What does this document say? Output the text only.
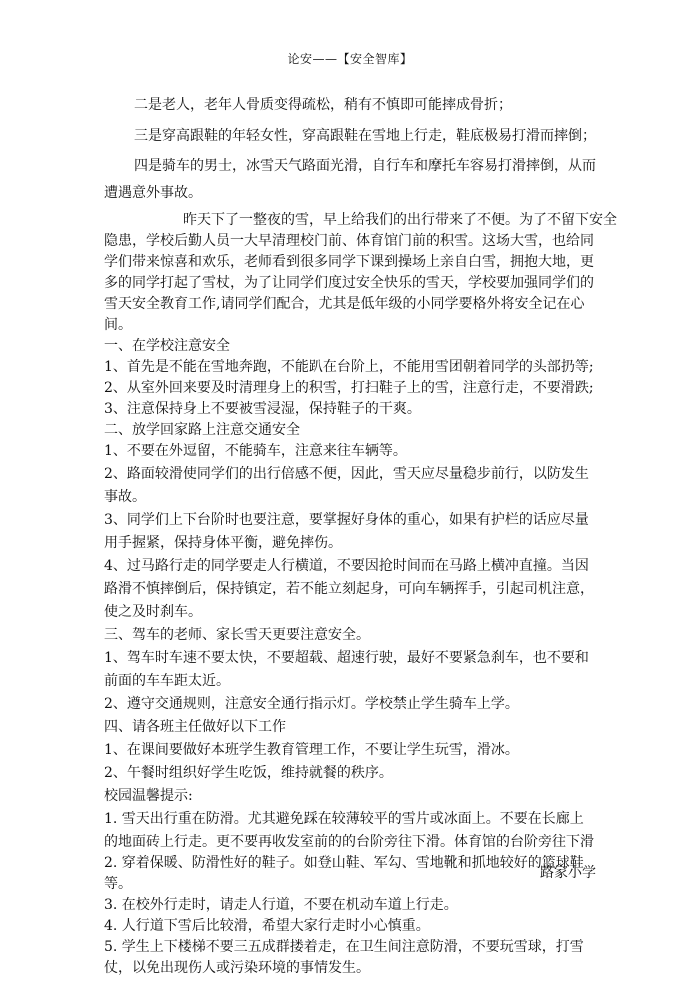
论安——【安全智库】
二是老人，老年人骨质变得疏松，稍有不慎即可能摔成骨折；
三是穿高跟鞋的年轻女性，穿高跟鞋在雪地上行走，鞋底极易打滑而摔倒；
四是骑车的男士，冰雪天气路面光滑，自行车和摩托车容易打滑摔倒，从而
遭遇意外事故。
昨天下了一整夜的雪，早上给我们的出行带来了不便。为了不留下安全
隐患，学校后勤人员一大早清理校门前、体育馆门前的积雪。这场大雪，也给同
学们带来惊喜和欢乐，老师看到很多同学下课到操场上亲自白雪，拥抱大地，更
多的同学打起了雪杖，为了让同学们度过安全快乐的雪天，学校要加强同学们的
雪天安全教育工作,请同学们配合，尤其是低年级的小同学要格外将安全记在心
间。
一、在学校注意安全
1、首先是不能在雪地奔跑，不能趴在台阶上，不能用雪团朝着同学的头部扔等;
2、从室外回来要及时清理身上的积雪，打扫鞋子上的雪，注意行走，不要滑跌;
3、注意保持身上不要被雪浸湿，保持鞋子的干爽。
二、放学回家路上注意交通安全
1、不要在外逗留，不能骑车，注意来往车辆等。
2、路面较滑使同学们的出行倍感不便，因此，雪天应尽量稳步前行，以防发生
事故。
3、同学们上下台阶时也要注意，要掌握好身体的重心，如果有护栏的话应尽量
用手握紧，保持身体平衡，避免摔伤。
4、过马路行走的同学要走人行横道，不要因抢时间而在马路上横冲直撞。当因
路滑不慎摔倒后，保持镇定，若不能立刻起身，可向车辆挥手，引起司机注意，
使之及时刹车。
三、驾车的老师、家长雪天更要注意安全。
1、驾车时车速不要太快，不要超载、超速行驶，最好不要紧急刹车，也不要和
前面的车车距太近。
2、遵守交通规则，注意安全通行指示灯。学校禁止学生骑车上学。
四、请各班主任做好以下工作
1、在课间要做好本班学生教育管理工作，不要让学生玩雪，滑冰。
2、午餐时组织好学生吃饭，维持就餐的秩序。
校园温馨提示:
1. 雪天出行重在防滑。尤其避免踩在较薄较平的雪片或冰面上。不要在长廊上
的地面砖上行走。更不要再收发室前的的台阶旁往下滑。体育馆的台阶旁往下滑
2. 穿着保暖、防滑性好的鞋子。如登山鞋、军勾、雪地靴和抓地较好的篮球鞋
等。
3. 在校外行走时，请走人行道，不要在机动车道上行走。
4. 人行道下雪后比较滑，希望大家行走时小心慎重。
5. 学生上下楼梯不要三五成群搂着走，在卫生间注意防滑，不要玩雪球，打雪
仗，以免出现伤人或污染环境的事情发生。
路家小学
